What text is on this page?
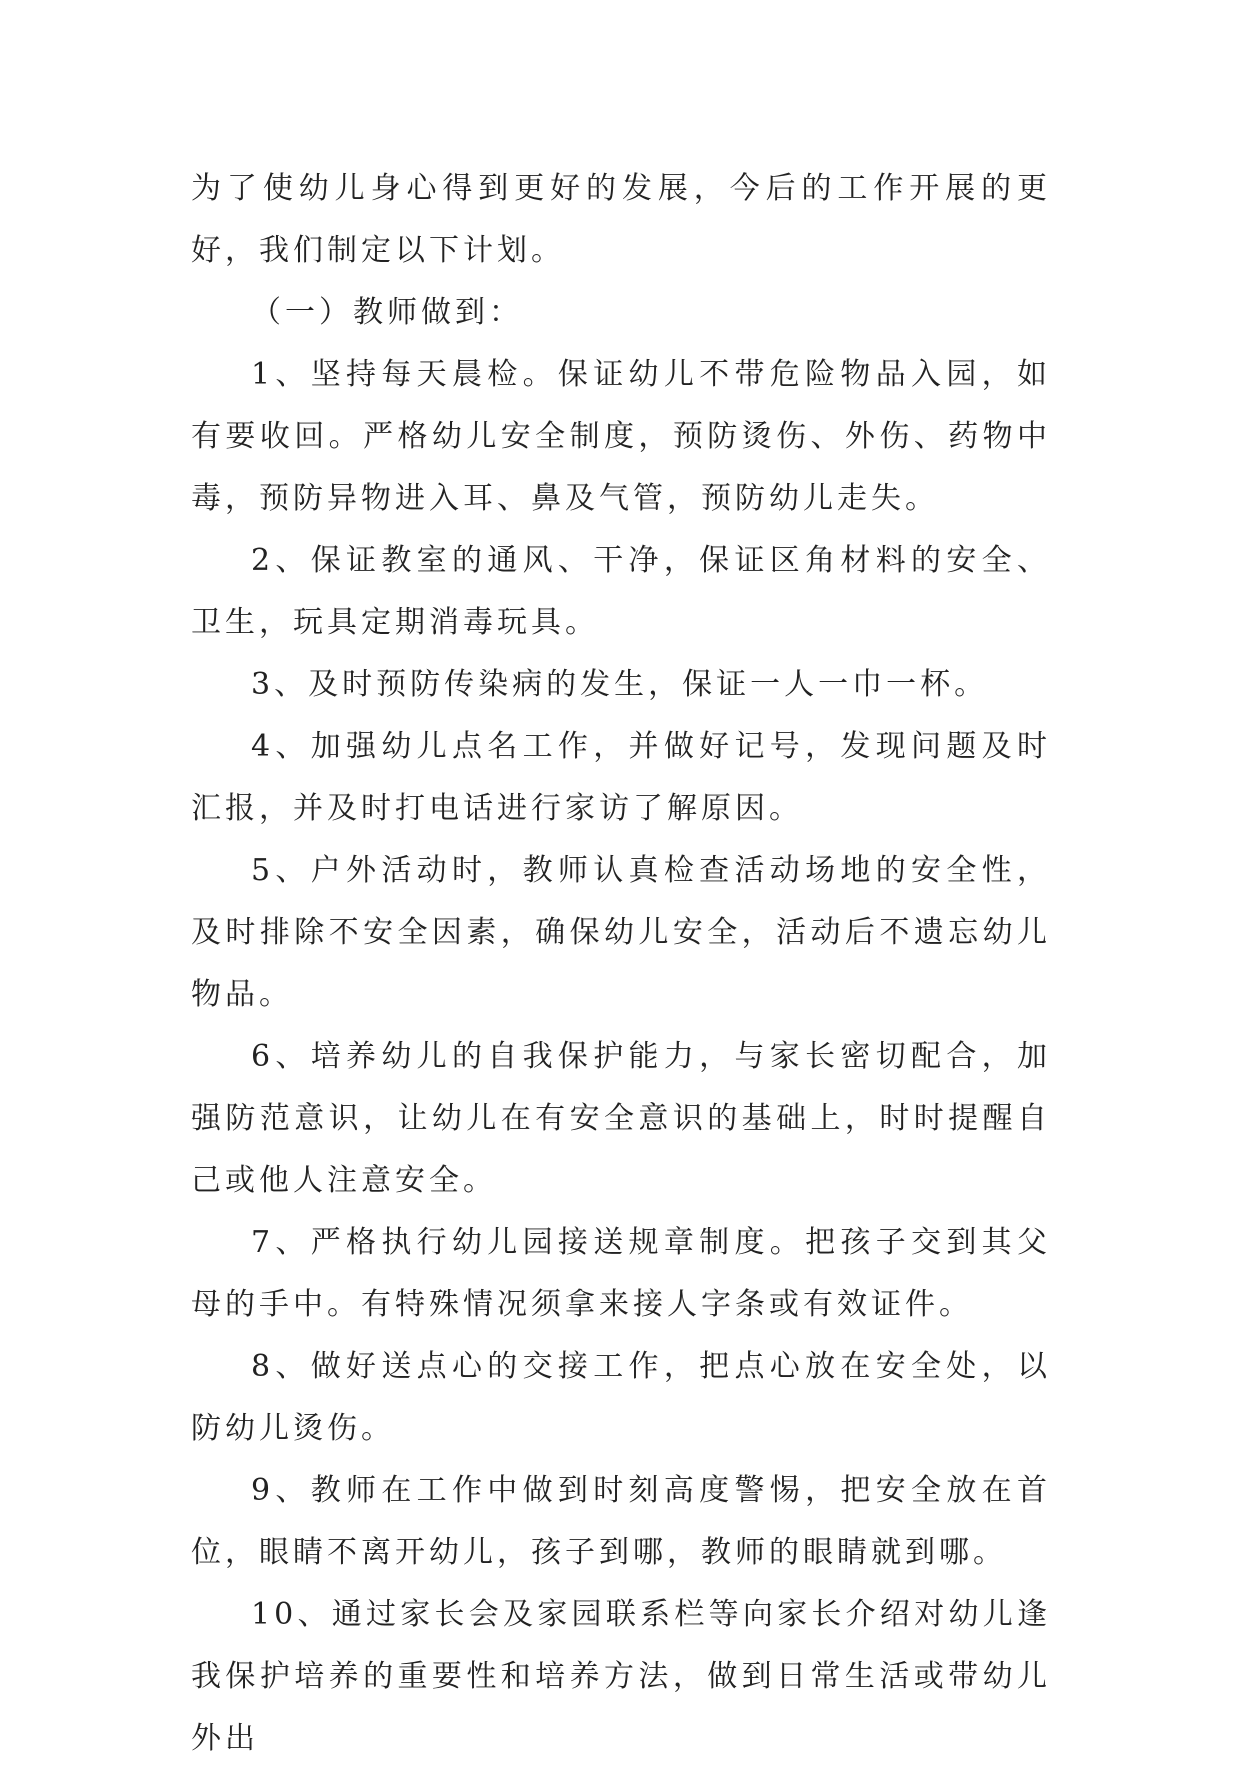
为了使幼儿身心得到更好的发展，今后的工作开展的更好，我们制定以下计划。

（一）教师做到：

1、坚持每天晨检。保证幼儿不带危险物品入园，如有要收回。严格幼儿安全制度，预防烫伤、外伤、药物中毒，预防异物进入耳、鼻及气管，预防幼儿走失。

2、保证教室的通风、干净，保证区角材料的安全、卫生，玩具定期消毒玩具。

3、及时预防传染病的发生，保证一人一巾一杯。

4、加强幼儿点名工作，并做好记号，发现问题及时汇报，并及时打电话进行家访了解原因。

5、户外活动时，教师认真检查活动场地的安全性，及时排除不安全因素，确保幼儿安全，活动后不遗忘幼儿物品。

6、培养幼儿的自我保护能力，与家长密切配合，加强防范意识，让幼儿在有安全意识的基础上，时时提醒自己或他人注意安全。

7、严格执行幼儿园接送规章制度。把孩子交到其父母的手中。有特殊情况须拿来接人字条或有效证件。

8、做好送点心的交接工作，把点心放在安全处，以防幼儿烫伤。

9、教师在工作中做到时刻高度警惕，把安全放在首位，眼睛不离开幼儿，孩子到哪，教师的眼睛就到哪。

10、通过家长会及家园联系栏等向家长介绍对幼儿逢我保护培养的重要性和培养方法，做到日常生活或带幼儿外出
